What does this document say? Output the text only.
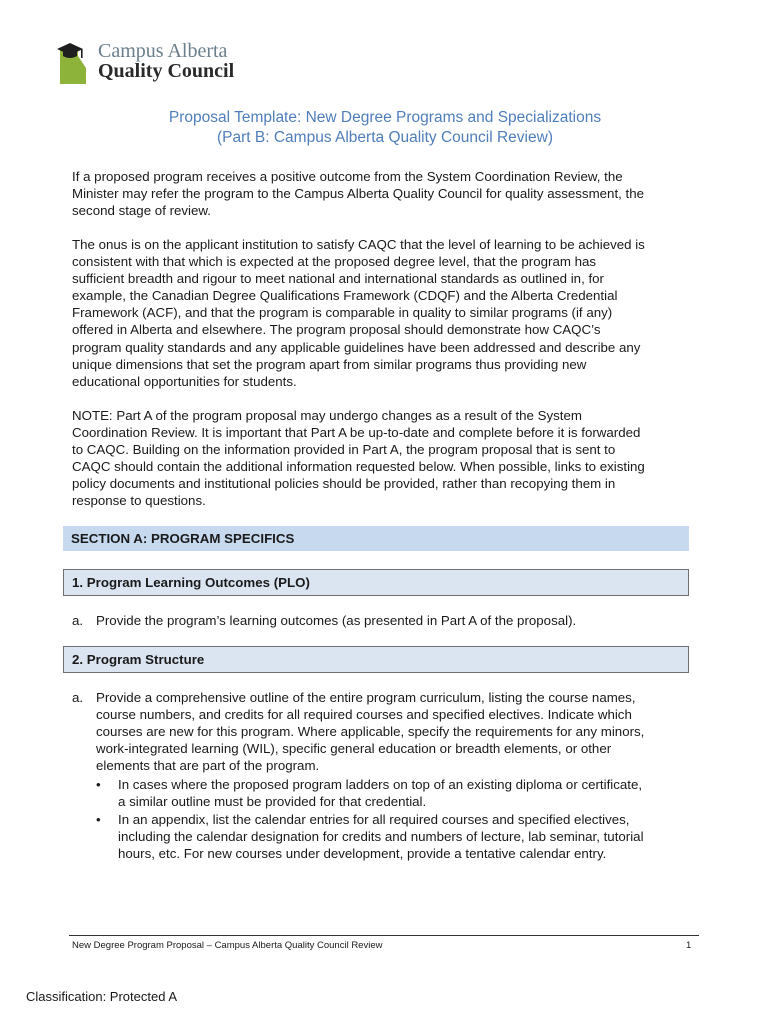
Campus Alberta
Quality Council
Proposal Template: New Degree Programs and Specializations
(Part B: Campus Alberta Quality Council Review)
If a proposed program receives a positive outcome from the System Coordination Review, the
Minister may refer the program to the Campus Alberta Quality Council for quality assessment, the
second stage of review.
The onus is on the applicant institution to satisfy CAQC that the level of learning to be achieved is
consistent with that which is expected at the proposed degree level, that the program has
sufficient breadth and rigour to meet national and international standards as outlined in, for
example, the Canadian Degree Qualifications Framework (CDQF) and the Alberta Credential
Framework (ACF), and that the program is comparable in quality to similar programs (if any)
offered in Alberta and elsewhere. The program proposal should demonstrate how CAQC’s
program quality standards and any applicable guidelines have been addressed and describe any
unique dimensions that set the program apart from similar programs thus providing new
educational opportunities for students.
NOTE: Part A of the program proposal may undergo changes as a result of the System
Coordination Review. It is important that Part A be up-to-date and complete before it is forwarded
to CAQC. Building on the information provided in Part A, the program proposal that is sent to
CAQC should contain the additional information requested below. When possible, links to existing
policy documents and institutional policies should be provided, rather than recopying them in
response to questions.
SECTION A: PROGRAM SPECIFICS
1. Program Learning Outcomes (PLO)
a. Provide the program’s learning outcomes (as presented in Part A of the proposal).
2. Program Structure
a. Provide a comprehensive outline of the entire program curriculum, listing the course names,
course numbers, and credits for all required courses and specified electives. Indicate which
courses are new for this program. Where applicable, specify the requirements for any minors,
work-integrated learning (WIL), specific general education or breadth elements, or other
elements that are part of the program.
• In cases where the proposed program ladders on top of an existing diploma or certificate,
a similar outline must be provided for that credential.
• In an appendix, list the calendar entries for all required courses and specified electives,
including the calendar designation for credits and numbers of lecture, lab seminar, tutorial
hours, etc. For new courses under development, provide a tentative calendar entry.
New Degree Program Proposal – Campus Alberta Quality Council Review	1
Classification: Protected A
